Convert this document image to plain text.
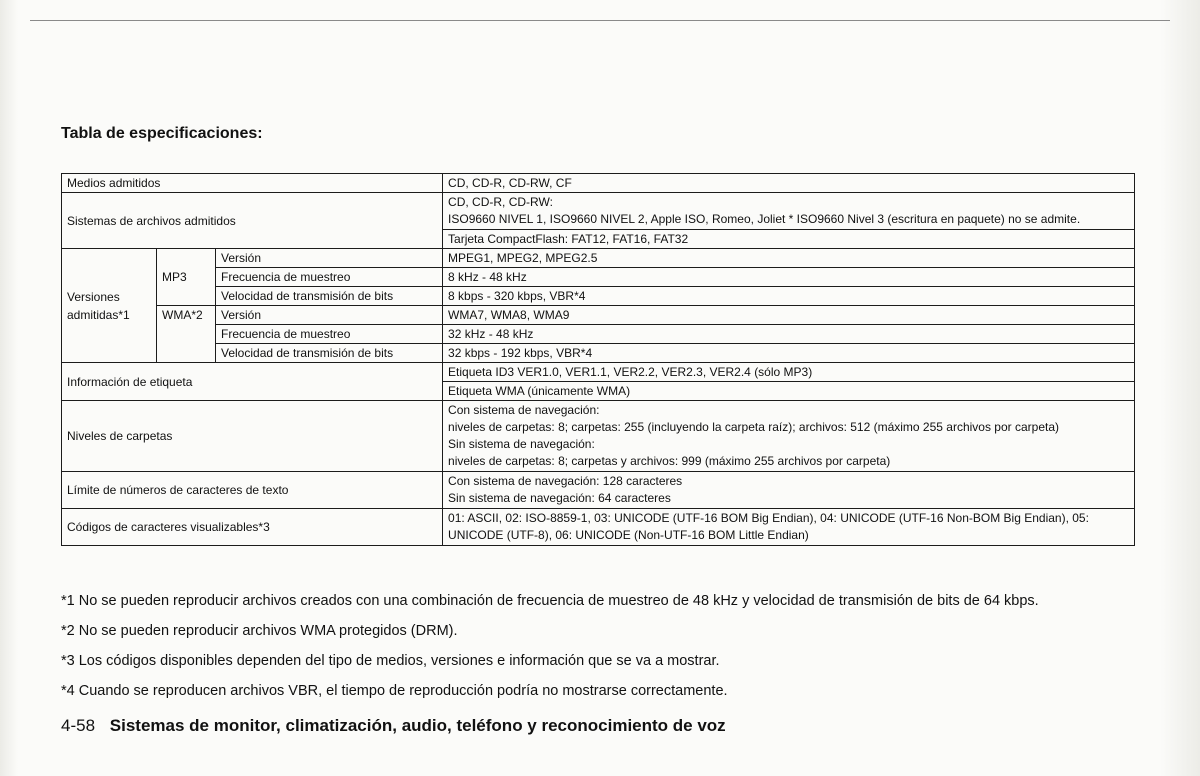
Tabla de especificaciones:
Medios admitidos			CD, CD-R, CD-RW, CF
Sistemas de archivos admitidos			CD, CD-R, CD-RW:
ISO9660 NIVEL 1, ISO9660 NIVEL 2, Apple ISO, Romeo, Joliet * ISO9660 Nivel 3 (escritura en paquete) no se admite.

			Tarjeta CompactFlash: FAT12, FAT16, FAT32
Versiones admitidas*1	MP3	Versión	MPEG1, MPEG2, MPEG2.5
		Frecuencia de muestreo	8 kHz - 48 kHz
		Velocidad de transmisión de bits	8 kbps - 320 kbps, VBR*4
	WMA*2	Versión	WMA7, WMA8, WMA9
		Frecuencia de muestreo	32 kHz - 48 kHz
		Velocidad de transmisión de bits	32 kbps - 192 kbps, VBR*4
Información de etiqueta			Etiqueta ID3 VER1.0, VER1.1, VER2.2, VER2.3, VER2.4 (sólo MP3)
			Etiqueta WMA (únicamente WMA)
Niveles de carpetas			Con sistema de navegación:
niveles de carpetas: 8; carpetas: 255 (incluyendo la carpeta raíz); archivos: 512 (máximo 255 archivos por carpeta)
Sin sistema de navegación:
niveles de carpetas: 8; carpetas y archivos: 999 (máximo 255 archivos por carpeta)

Límite de números de caracteres de texto			Con sistema de navegación: 128 caracteres
Sin sistema de navegación: 64 caracteres

Códigos de caracteres visualizables*3			01: ASCII, 02: ISO-8859-1, 03: UNICODE (UTF-16 BOM Big Endian), 04: UNICODE (UTF-16 Non-BOM Big Endian), 05: UNICODE (UTF-8), 06: UNICODE (Non-UTF-16 BOM Little Endian)

*1 No se pueden reproducir archivos creados con una combinación de frecuencia de muestreo de 48 kHz y velocidad de transmisión de bits de 64 kbps.

*2 No se pueden reproducir archivos WMA protegidos (DRM).

*3 Los códigos disponibles dependen del tipo de medios, versiones e información que se va a mostrar.

*4 Cuando se reproducen archivos VBR, el tiempo de reproducción podría no mostrarse correctamente.

4-58 Sistemas de monitor, climatización, audio, teléfono y reconocimiento de voz
